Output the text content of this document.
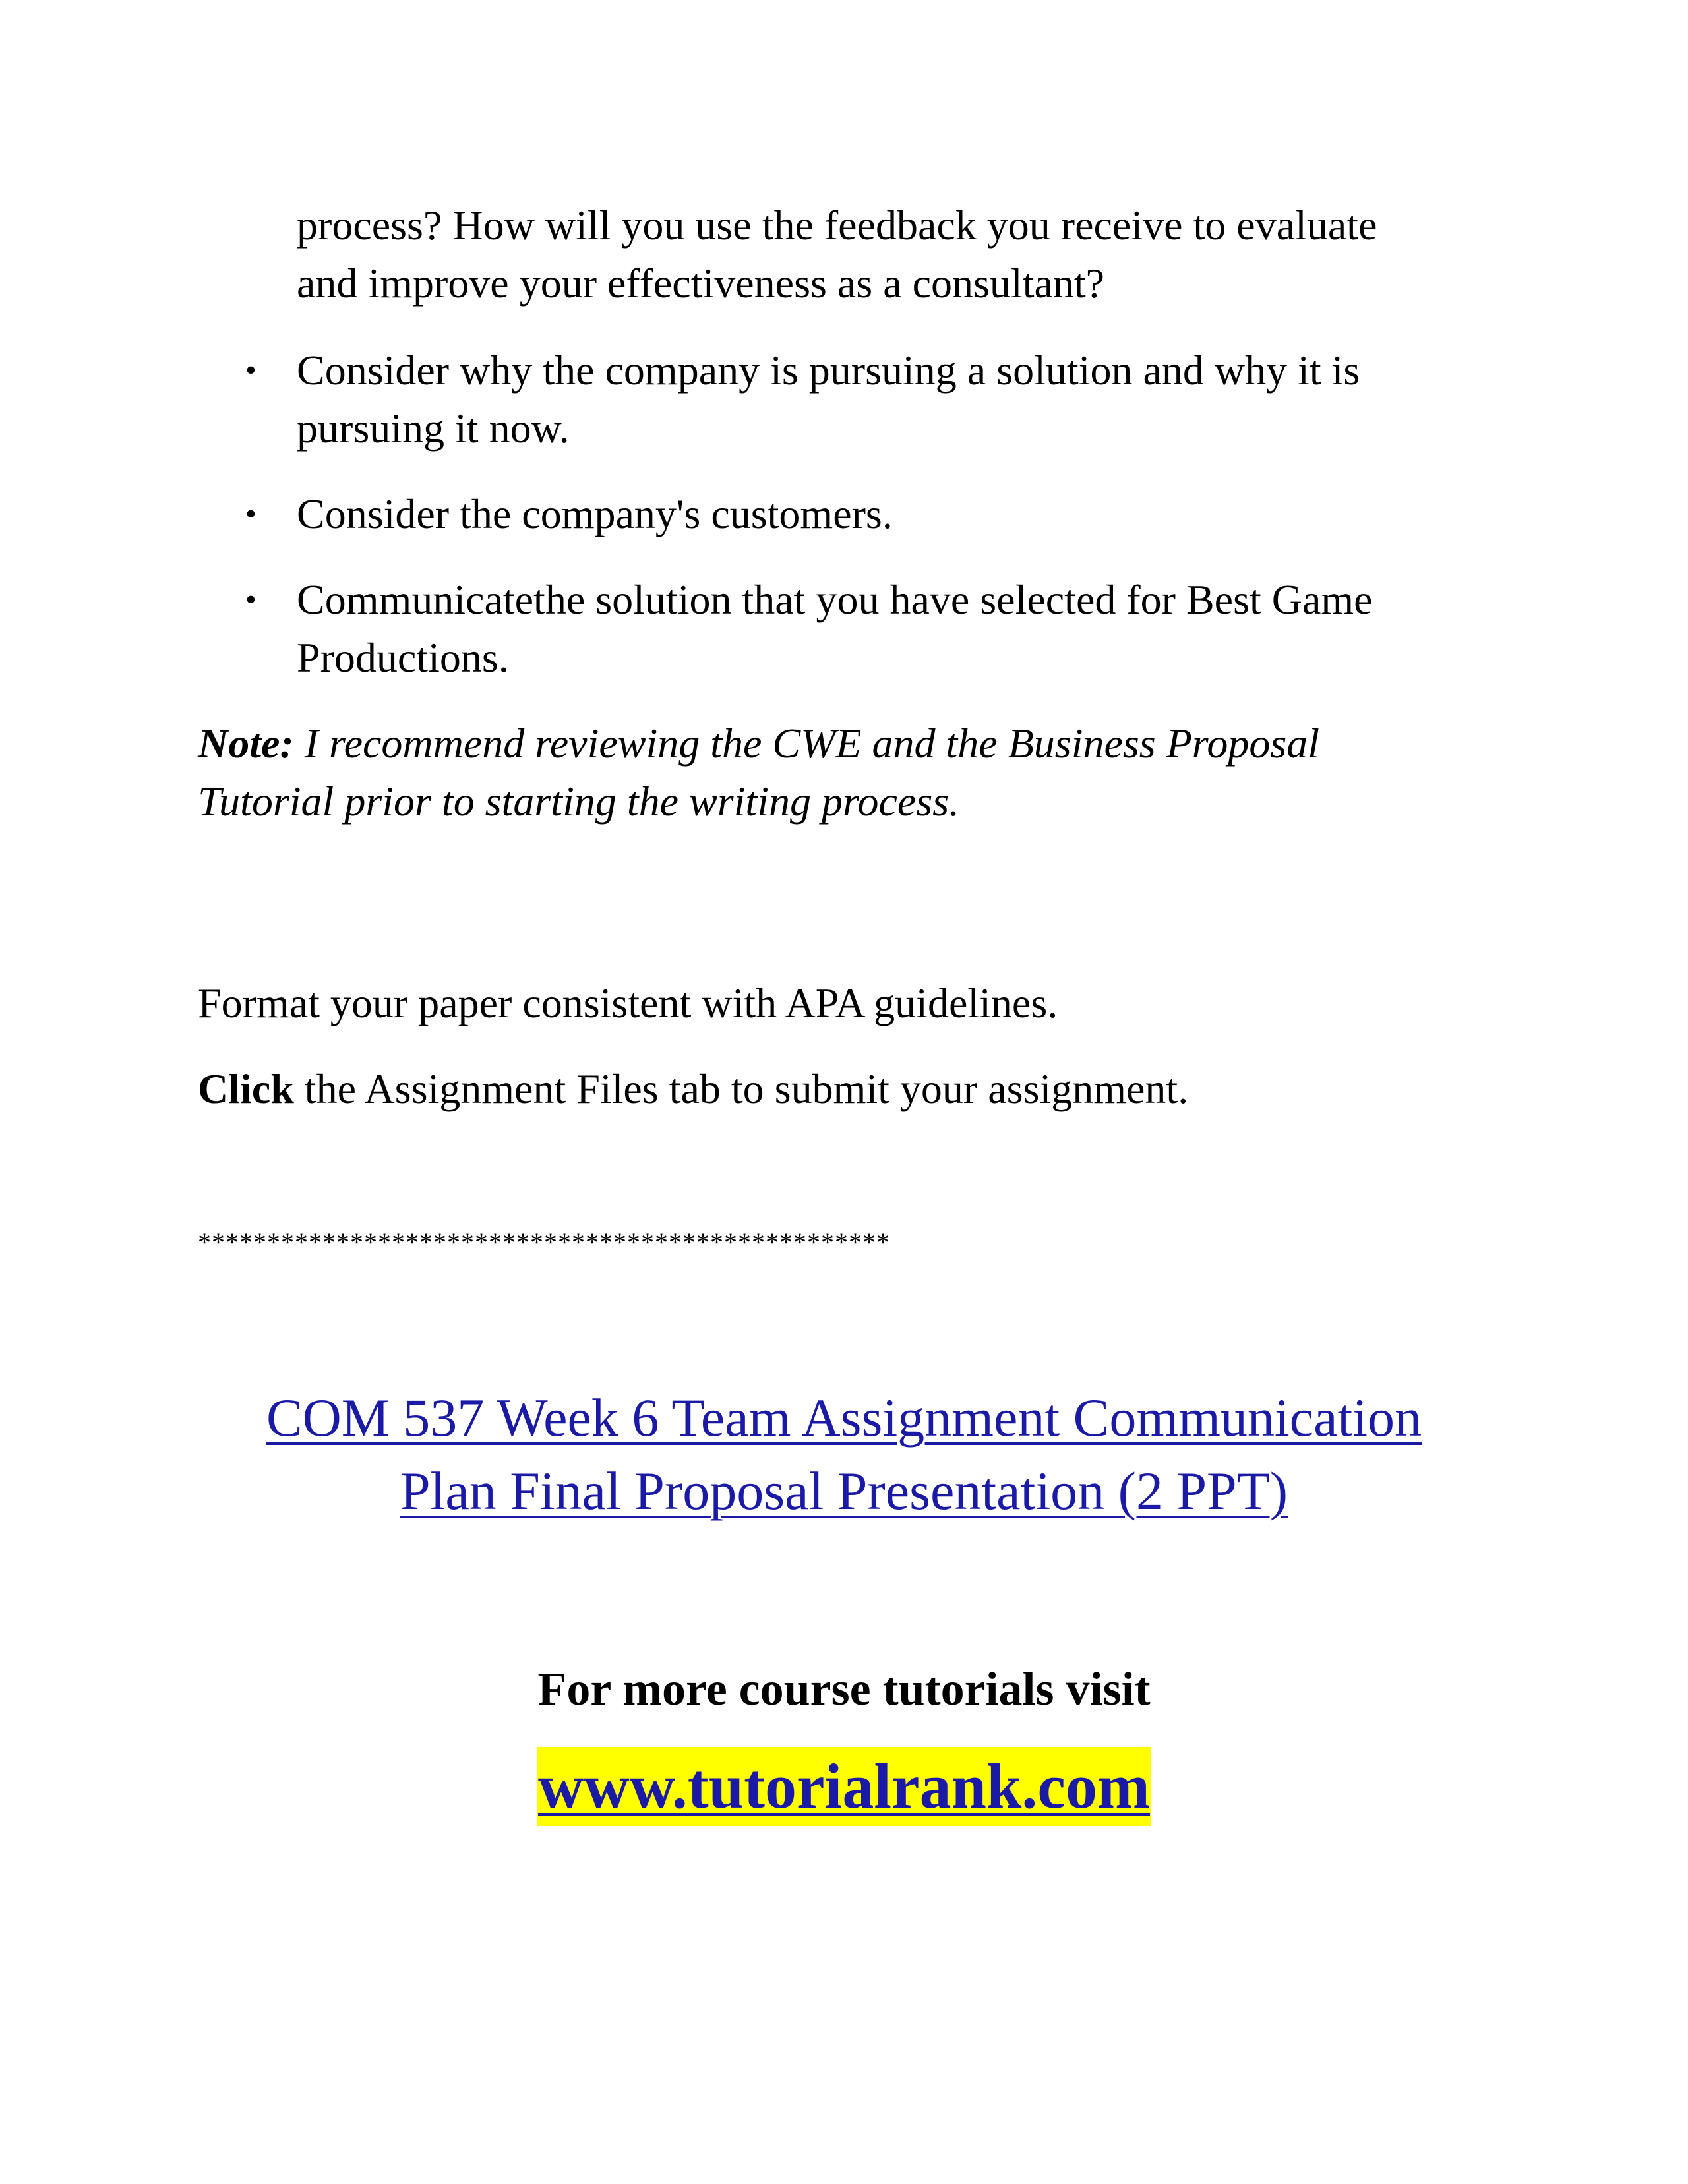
process? How will you use the feedback you receive to evaluate
and improve your effectiveness as a consultant?
• Consider why the company is pursuing a solution and why it is
pursuing it now.
• Consider the company's customers.
• Communicatethe solution that you have selected for Best Game
Productions.
Note: I recommend reviewing the CWE and the Business Proposal
Tutorial prior to starting the writing process.
Format your paper consistent with APA guidelines.
Click the Assignment Files tab to submit your assignment.
**************************************************
COM 537 Week 6 Team Assignment Communication
Plan Final Proposal Presentation (2 PPT)
For more course tutorials visit
www.tutorialrank.com
